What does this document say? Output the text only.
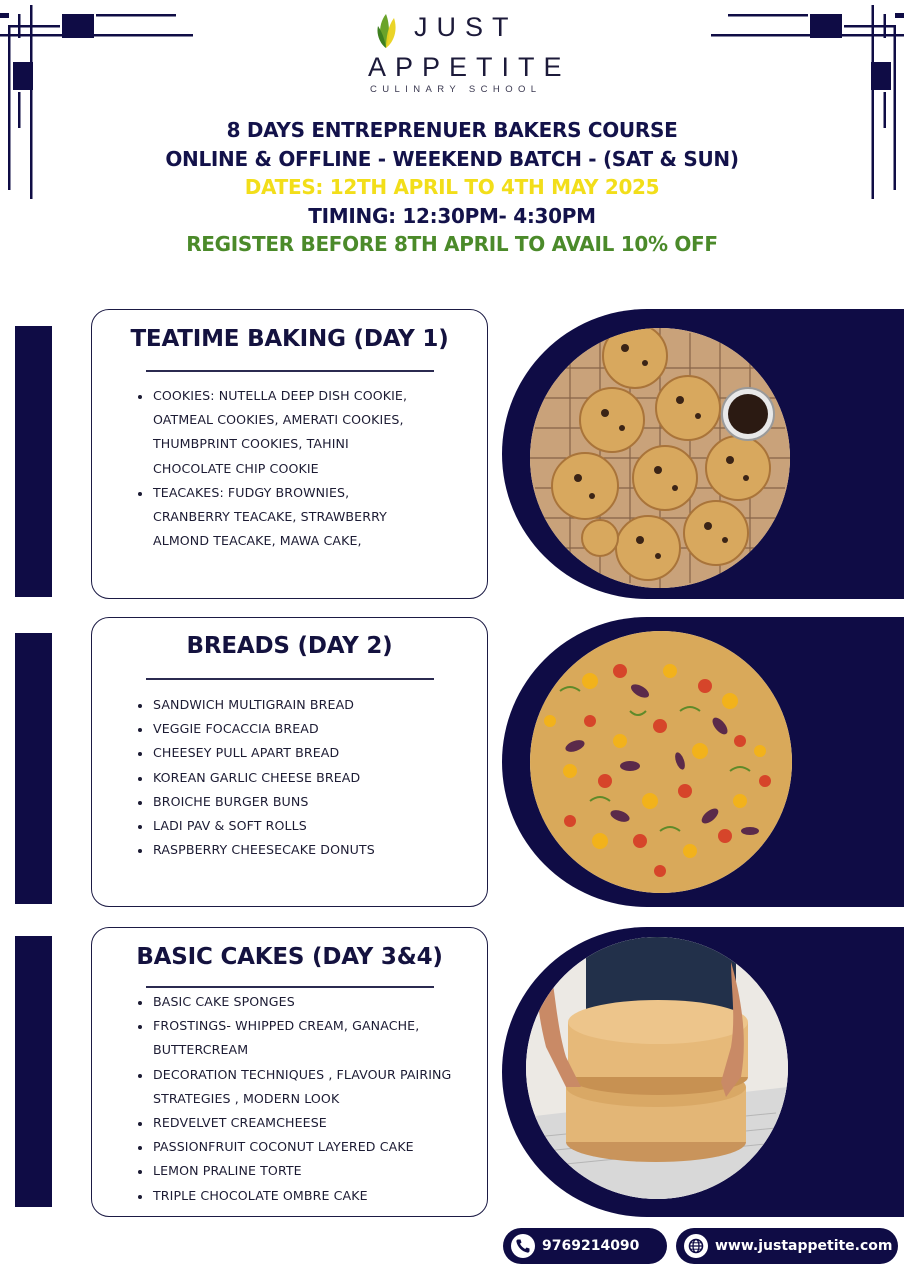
JUST
APPETITE
CULINARY SCHOOL
8 DAYS ENTREPRENUER BAKERS COURSE
ONLINE & OFFLINE - WEEKEND BATCH - (SAT & SUN)
DATES: 12TH APRIL TO 4TH MAY 2025
TIMING: 12:30PM- 4:30PM
REGISTER BEFORE 8TH APRIL TO AVAIL 10% OFF
TEATIME BAKING (DAY 1)
COOKIES: NUTELLA DEEP DISH COOKIE,
OATMEAL COOKIES, AMERATI COOKIES,
THUMBPRINT COOKIES, TAHINI
CHOCOLATE CHIP COOKIE
TEACAKES: FUDGY BROWNIES,
CRANBERRY TEACAKE, STRAWBERRY
ALMOND TEACAKE, MAWA CAKE,
BREADS (DAY 2)
SANDWICH MULTIGRAIN BREAD
VEGGIE FOCACCIA BREAD
CHEESEY PULL APART BREAD
KOREAN GARLIC CHEESE BREAD
BROICHE BURGER BUNS
LADI PAV & SOFT ROLLS
RASPBERRY CHEESECAKE DONUTS
BASIC CAKES (DAY 3&4)
BASIC CAKE SPONGES
FROSTINGS- WHIPPED CREAM, GANACHE,
BUTTERCREAM
DECORATION TECHNIQUES , FLAVOUR PAIRING
STRATEGIES , MODERN LOOK
REDVELVET CREAMCHEESE
PASSIONFRUIT COCONUT LAYERED CAKE
LEMON PRALINE TORTE
TRIPLE CHOCOLATE OMBRE CAKE
9769214090	www.justappetite.com
